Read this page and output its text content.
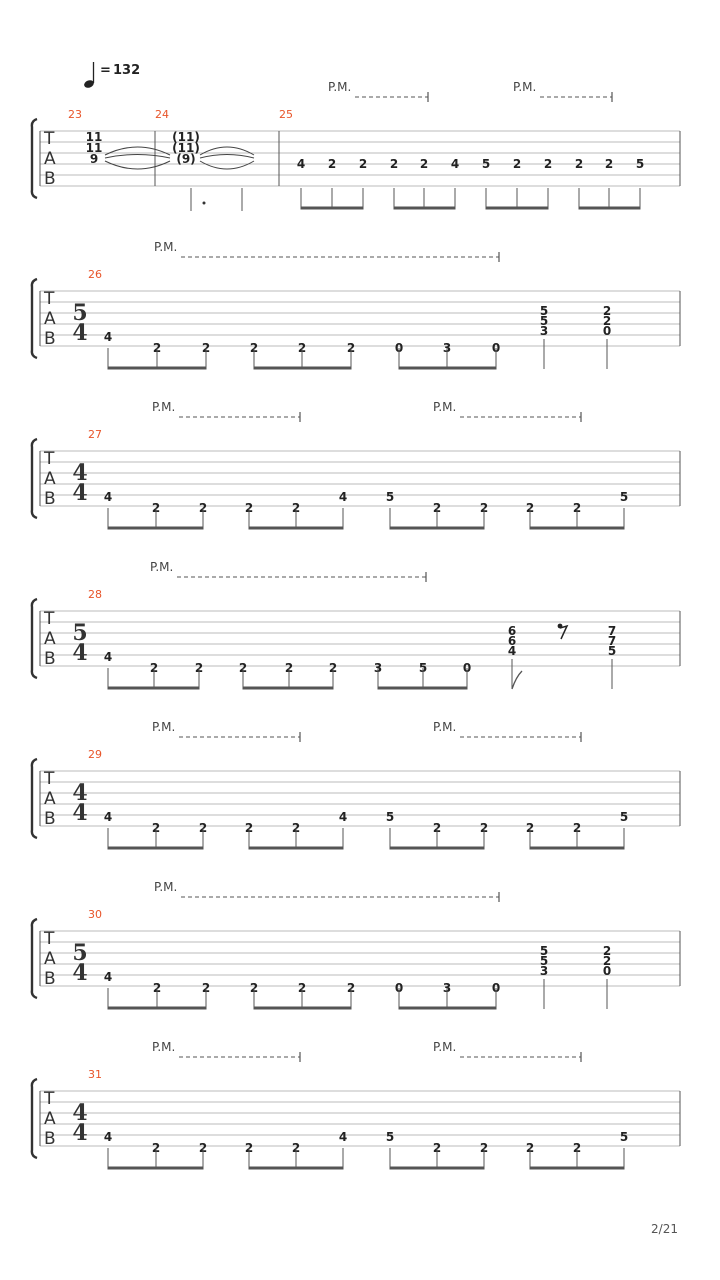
= 132
P.M.	P.M.
T
A
B
23	24	25
11
11
9
(11)
(11)
(9)	4 2 2 2 2 4 5 2 2 2 2 5
P.M.
T
A
B
5
4
26
4
2	2	2	2	2	0	3	0
5
5
3
2
2
0
P.M.	P.M.
T
A
B
4
4
27
4
2	2	2	2
4	5
2	2	2	2
5
P.M.
T
A
B
5
4
28
4
2	2	2	2	2	3	5	0
6
6
4
7
7
5
P.M.	P.M.
T
A
B
4
4
29
4
2	2	2	2
4	5
2	2	2	2
5
P.M.
T
A
B
5
4
30
4
2	2	2	2	2	0	3	0
5
5
3
2
2
0
P.M.	P.M.
T
A
B
4
4
31
4
2	2	2	2
4	5
2	2	2	2
5
2/21
